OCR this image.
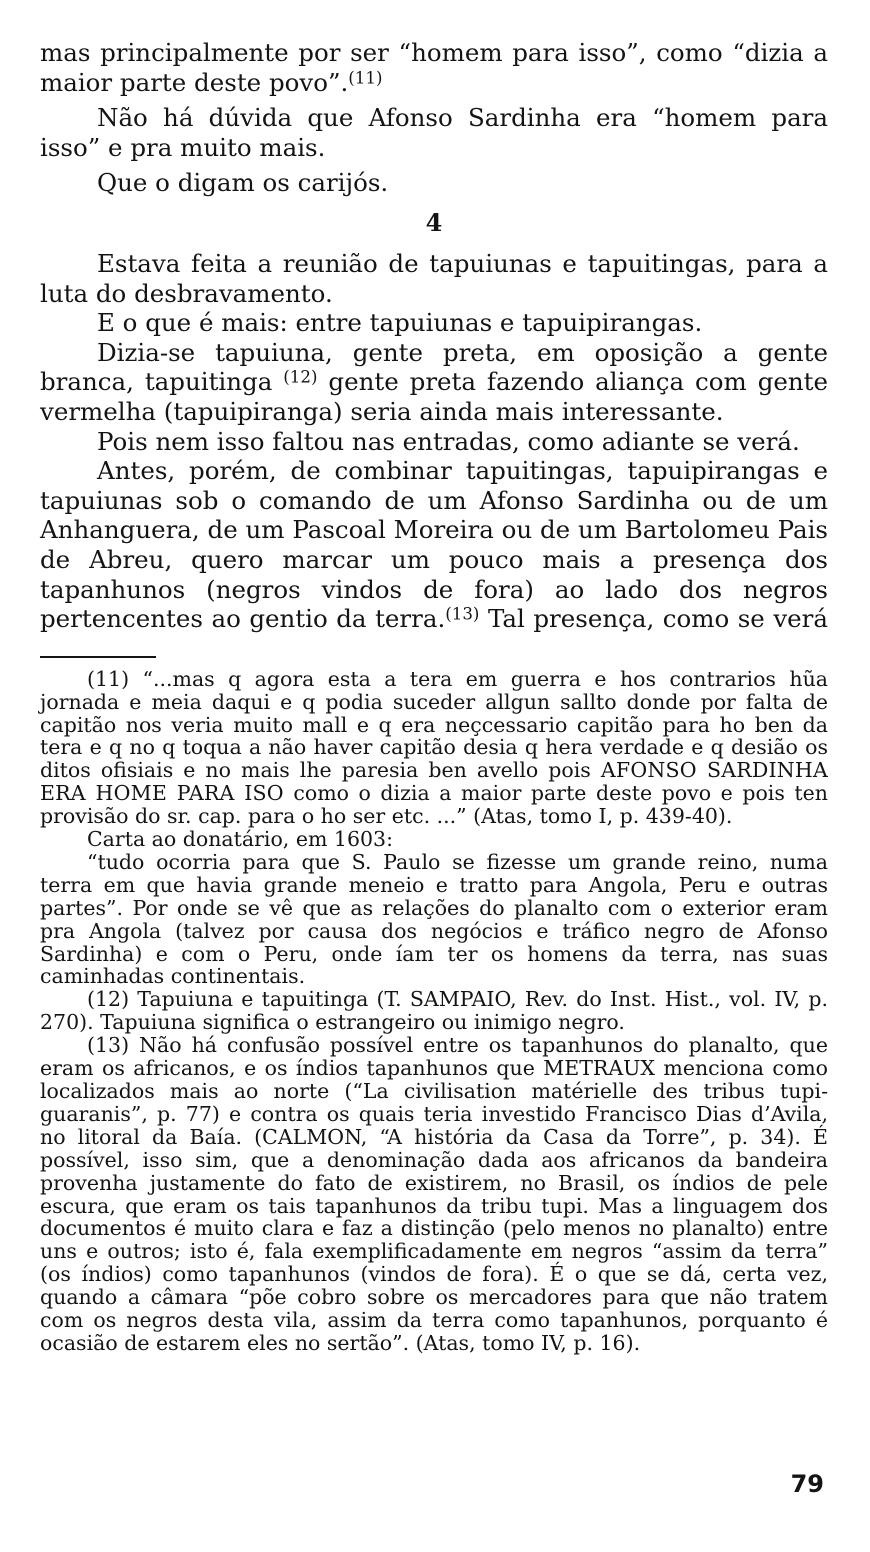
mas principalmente por ser “homem para isso”, como “dizia a maior parte deste povo”.$^{(11)}$

Não há dúvida que Afonso Sardinha era “homem para isso” e pra muito mais.

Que o digam os carijós.

4

Estava feita a reunião de tapuiunas e tapuitingas, para a luta do desbravamento.

E o que é mais: entre tapuiunas e tapuipirangas.

Dizia-se tapuiuna, gente preta, em oposição a gente branca, tapuitinga $^{(12)}$ gente preta fazendo aliança com gente vermelha (tapuipiranga) seria ainda mais interessante.

Pois nem isso faltou nas entradas, como adiante se verá.

Antes, porém, de combinar tapuitingas, tapuipirangas e tapuiunas sob o comando de um Afonso Sardinha ou de um Anhanguera, de um Pascoal Moreira ou de um Bartolomeu Pais de Abreu, quero marcar um pouco mais a presença dos tapanhunos (negros vindos de fora) ao lado dos negros pertencentes ao gentio da terra.$^{(13)}$ Tal presença, como se verá

(11) “...mas q agora esta a tera em guerra e hos contrarios hũa jornada e meia daqui e q podia suceder allgun sallto donde por falta de capitão nos veria muito mall e q era neçcessario capitão para ho ben da tera e q no q toqua a não haver capitão desia q hera verdade e q desião os ditos ofisiais e no mais lhe paresia ben avello pois AFONSO SARDINHA ERA HOME PARA ISO como o dizia a maior parte deste povo e pois ten provisão do sr. cap. para o ho ser etc. ...” (Atas, tomo I, p. 439-40).

Carta ao donatário, em 1603:

“tudo ocorria para que S. Paulo se fizesse um grande reino, numa terra em que havia grande meneio e tratto para Angola, Peru e outras partes”. Por onde se vê que as relações do planalto com o exterior eram pra Angola (talvez por causa dos negócios e tráfico negro de Afonso Sardinha) e com o Peru, onde íam ter os homens da terra, nas suas caminhadas continentais.

(12) Tapuiuna e tapuitinga (T. SAMPAIO, Rev. do Inst. Hist., vol. IV, p. 270). Tapuiuna significa o estrangeiro ou inimigo negro.

(13) Não há confusão possível entre os tapanhunos do planalto, que eram os africanos, e os índios tapanhunos que METRAUX menciona como localizados mais ao norte (“La civilisation matérielle des tribus tupi-guaranis”, p. 77) e contra os quais teria investido Francisco Dias d’Avila, no litoral da Baía. (CALMON, “A história da Casa da Torre”, p. 34). É possível, isso sim, que a denominação dada aos africanos da bandeira provenha justamente do fato de existirem, no Brasil, os índios de pele escura, que eram os tais tapanhunos da tribu tupi. Mas a linguagem dos documentos é muito clara e faz a distinção (pelo menos no planalto) entre uns e outros; isto é, fala exemplificadamente em negros “assim da terra” (os índios) como tapanhunos (vindos de fora). É o que se dá, certa vez, quando a câmara “põe cobro sobre os mercadores para que não tratem com os negros desta vila, assim da terra como tapanhunos, porquanto é ocasião de estarem eles no sertão”. (Atas, tomo IV, p. 16).

79
